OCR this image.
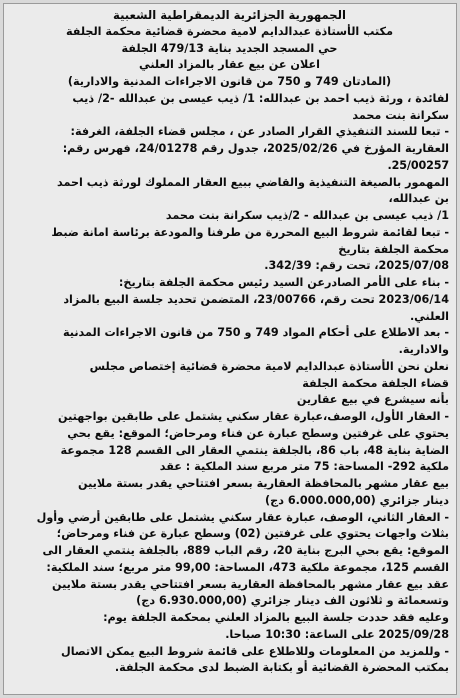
الجمهورية الجزائرية الديمقراطية الشعبية
مكتب الأستاذة عبدالدايم لامية محضرة قضائية محكمة الجلفة
حي المسجد الجديد بناية 479/13 الجلفة
اعلان عن بيع عقار بالمزاد العلني
(المادتان 749 و 750 من قانون الاجراءات المدنية والادارية)
لفائدة ، ورثة ذيب احمد بن عبدالله: 1/ ذيب عيسى بن عبدالله -2/ ذيب
سكرانة بنت محمد
- تبعا للسند التنفيذي القرار الصادر عن ، مجلس قضاء الجلفة، الغرفة:
العقارية المؤرخ في 2025/02/26، جدول رقم 24/01278، فهرس رقم:
25/00257.
المهمور بالصيغة التنفيذية والقاضي ببيع العقار المملوك لورثة ذيب احمد
بن عبدالله،
1/ ذيب عيسى بن عبدالله - 2/ذيب سكرانة بنت محمد
- تبعا لقائمة شروط البيع المحررة من طرفنا والمودعة برئاسة امانة ضبط
محكمة الجلفة بتاريخ
2025/07/08، تحت رقم: 342/39.
- بناء على الأمر الصادرعن السيد رئيس محكمة الجلفة بتاريخ:
2023/06/14 تحت رقم، 23/00766، المتضمن تحديد جلسة البيع بالمزاد
العلني.
- بعد الاطلاع على أحكام المواد 749 و 750 من قانون الاجراءات المدنية
والادارية.
نعلن نحن الأستاذة عبدالدايم لامية محضرة قضائية إختصاص مجلس
قضاء الجلفة محكمة الجلفة
بأنه سيشرع في بيع عقارين
- العقار الأول، الوصف،عبارة عقار سكني يشتمل على طابقين بواجهتين
يحتوي على غرفتين وسطح عبارة عن فناء ومرحاض؛ الموقع: يقع بحي
الضاية بناية 48، باب 86، بالجلفة ينتمي العقار الى القسم 128 مجموعة
ملكية 292- المساحة: 75 متر مربع سند الملكية : عقد
بيع عقار مشهر بالمحافظة العقارية بسعر افتتاحي يقدر بستة ملايين
دينار جزائري (6.000.000,00 دج)
- العقار الثاني، الوصف، عبارة عقار سكني يشتمل على طابقين أرضي وأول
بثلاث واجهات يحتوي على غرفتين (02) وسطح عبارة عن فناء ومرحاض؛
الموقع: يقع بحي البرج بناية 20، رقم الباب 889، بالجلفة ينتمي العقار الى
القسم 125، مجموعة ملكية 473، المساحة: 99,00 متر مربع؛ سند الملكية:
عقد بيع عقار مشهر بالمحافظة العقارية بسعر افتتاحي يقدر بستة ملايين
وتسعمائة و ثلاثون الف دينار جزائري (6.930.000,00 دج)
وعليه فقد حددت جلسة البيع بالمزاد العلني بمحكمة الجلفة يوم:
2025/09/28 على الساعة: 10:30 صباحا.
- وللمزيد من المعلومات وللاطلاع على قائمة شروط البيع يمكن الاتصال
بمكتب المحضرة القضائية أو بكتابة الضبط لدى محكمة الجلفة.
